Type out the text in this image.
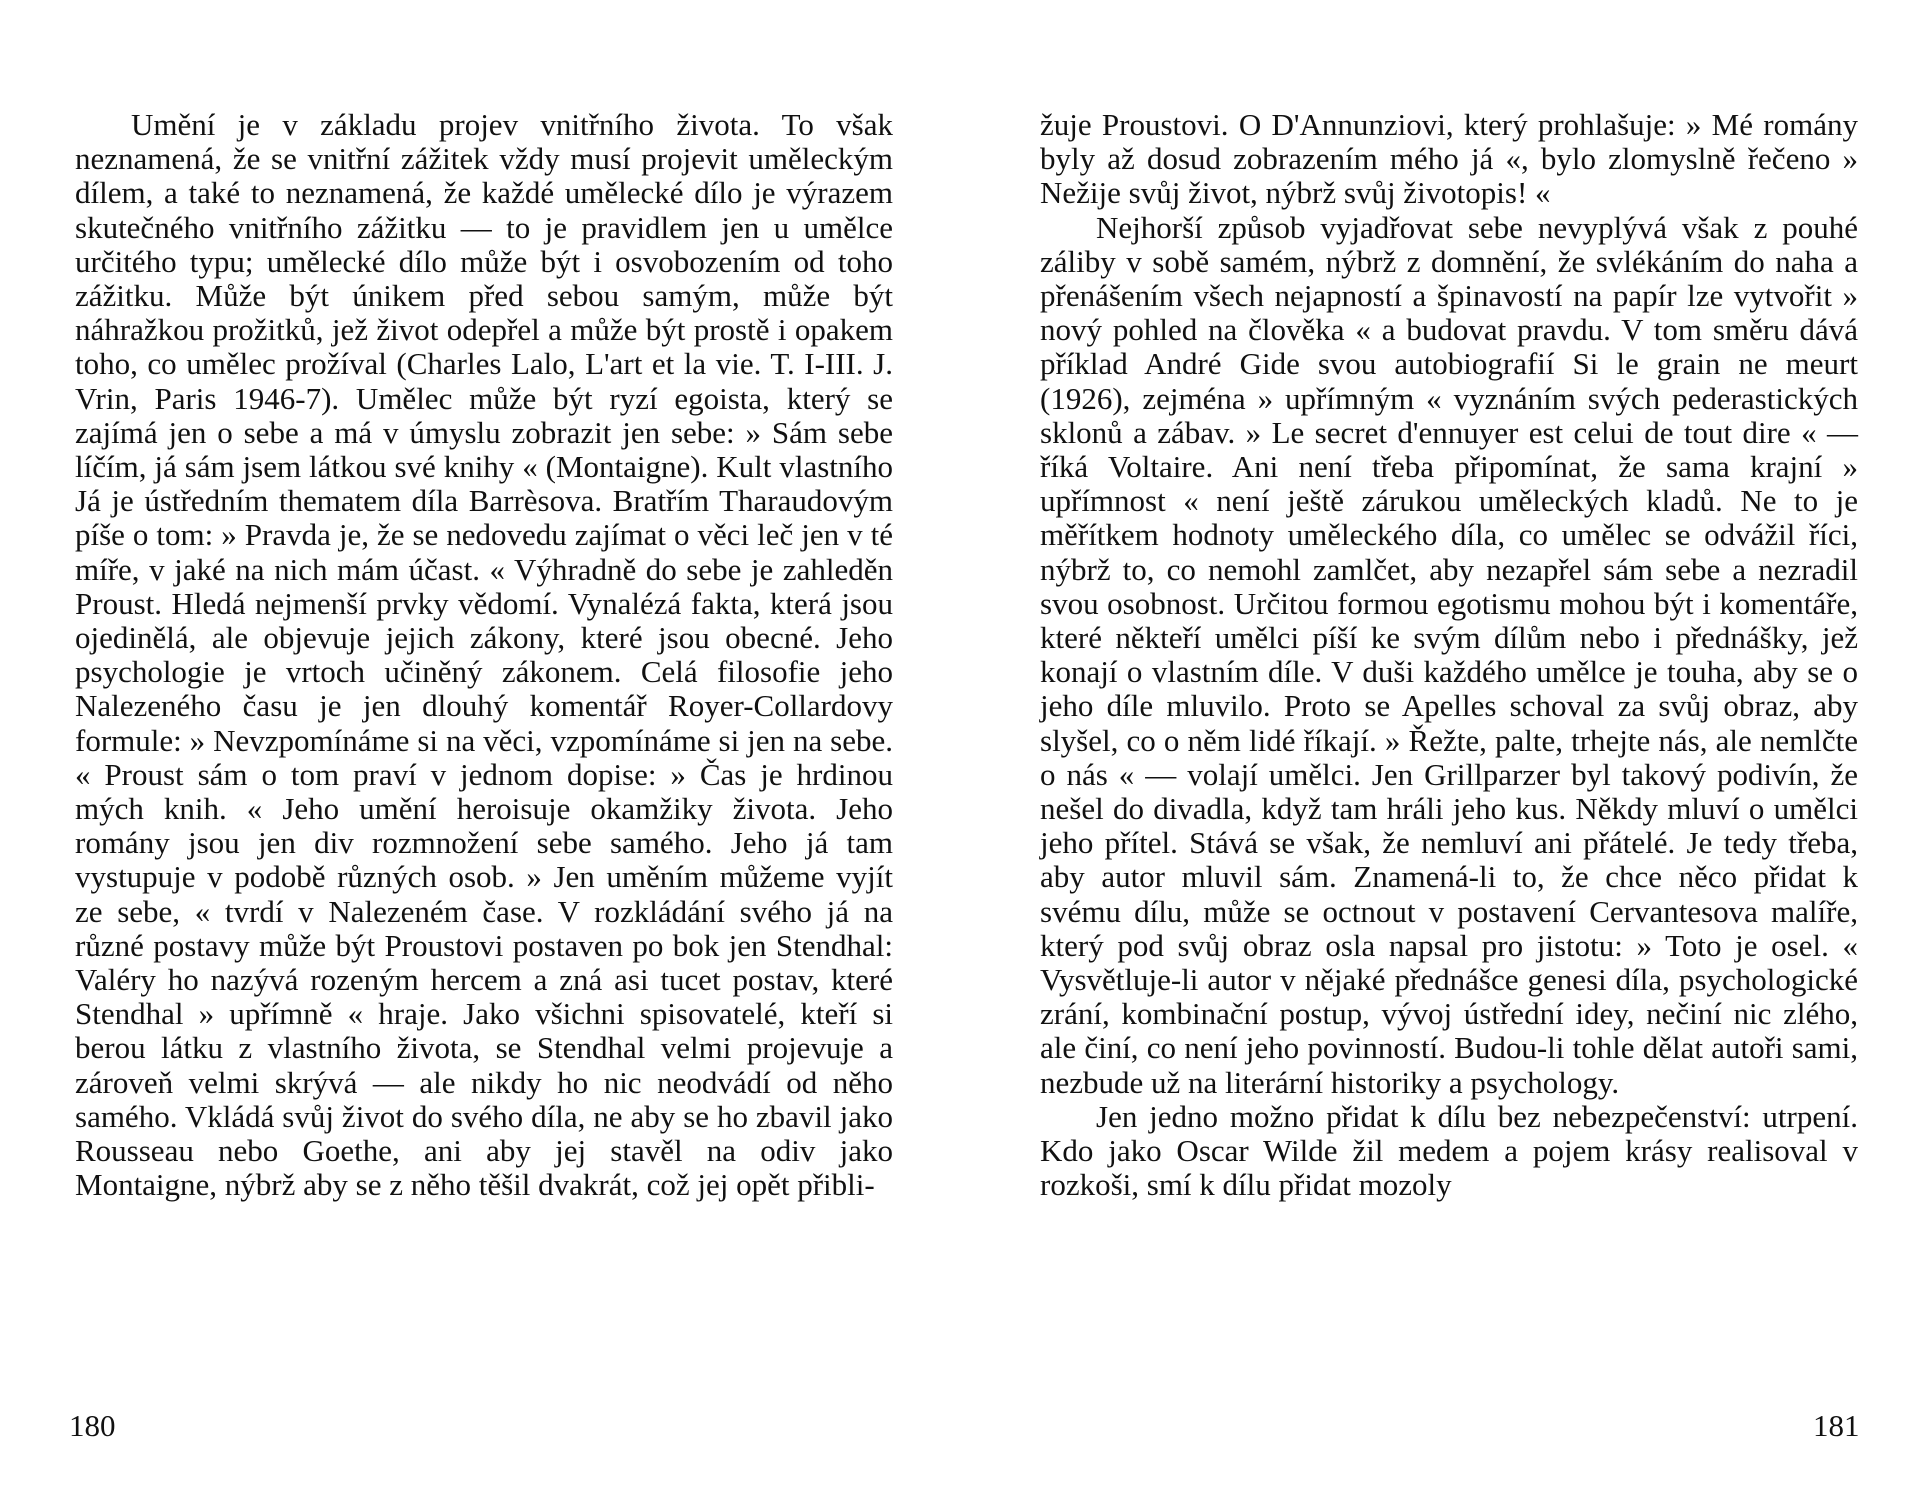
Umění je v základu projev vnitřního života. To však neznamená, že se vnitřní zážitek vždy musí projevit uměleckým dílem, a také to neznamená, že každé umělecké dílo je výrazem skutečného vnitřního zážitku — to je pravidlem jen u umělce určitého typu; umělecké dílo může být i osvobozením od toho zážitku. Může být únikem před sebou samým, může být náhražkou prožitků, jež život odepřel a může být prostě i opakem toho, co umělec prožíval (Charles Lalo, L'art et la vie. T. I-III. J. Vrin, Paris 1946-7). Umělec může být ryzí egoista, který se zajímá jen o sebe a má v úmyslu zobrazit jen sebe: » Sám sebe líčím, já sám jsem látkou své knihy « (Montaigne). Kult vlastního Já je ústředním thematem díla Barrèsova. Bratřím Tharaudovým píše o tom: » Pravda je, že se nedovedu zajímat o věci leč jen v té míře, v jaké na nich mám účast. « Výhradně do sebe je zahleděn Proust. Hledá nejmenší prvky vědomí. Vynalézá fakta, která jsou ojedinělá, ale objevuje jejich zákony, které jsou obecné. Jeho psychologie je vrtoch učiněný zákonem. Celá filosofie jeho Nalezeného času je jen dlouhý komentář Royer-Collardovy formule: » Nevzpomínáme si na věci, vzpomínáme si jen na sebe. « Proust sám o tom praví v jednom dopise: » Čas je hrdinou mých knih. « Jeho umění heroisuje okamžiky života. Jeho romány jsou jen div rozmnožení sebe samého. Jeho já tam vystupuje v podobě různých osob. » Jen uměním můžeme vyjít ze sebe, « tvrdí v Nalezeném čase. V rozkládání svého já na různé postavy může být Proustovi postaven po bok jen Stendhal: Valéry ho nazývá rozeným hercem a zná asi tucet postav, které Stendhal » upřímně « hraje. Jako všichni spisovatelé, kteří si berou látku z vlastního života, se Stendhal velmi projevuje a zároveň velmi skrývá — ale nikdy ho nic neodvádí od něho samého. Vkládá svůj život do svého díla, ne aby se ho zbavil jako Rousseau nebo Goethe, ani aby jej stavěl na odiv jako Montaigne, nýbrž aby se z něho těšil dvakrát, což jej opět přibli-

žuje Proustovi. O D'Annunziovi, který prohlašuje: » Mé romány byly až dosud zobrazením mého já «, bylo zlomyslně řečeno » Nežije svůj život, nýbrž svůj životopis! «

Nejhorší způsob vyjadřovat sebe nevyplývá však z pouhé záliby v sobě samém, nýbrž z domnění, že svlékáním do naha a přenášením všech nejapností a špinavostí na papír lze vytvořit » nový pohled na člověka « a budovat pravdu. V tom směru dává příklad André Gide svou autobiografií Si le grain ne meurt (1926), zejména » upřímným « vyznáním svých pederastických sklonů a zábav. » Le secret d'ennuyer est celui de tout dire « — říká Voltaire. Ani není třeba připomínat, že sama krajní » upřímnost « není ještě zárukou uměleckých kladů. Ne to je měřítkem hodnoty uměleckého díla, co umělec se odvážil říci, nýbrž to, co nemohl zamlčet, aby nezapřel sám sebe a nezradil svou osobnost. Určitou formou egotismu mohou být i komentáře, které někteří umělci píší ke svým dílům nebo i přednášky, jež konají o vlastním díle. V duši každého umělce je touha, aby se o jeho díle mluvilo. Proto se Apelles schoval za svůj obraz, aby slyšel, co o něm lidé říkají. » Řežte, palte, trhejte nás, ale nemlčte o nás « — volají umělci. Jen Grillparzer byl takový podivín, že nešel do divadla, když tam hráli jeho kus. Někdy mluví o umělci jeho přítel. Stává se však, že nemluví ani přátelé. Je tedy třeba, aby autor mluvil sám. Znamená-li to, že chce něco přidat k svému dílu, může se octnout v postavení Cervantesova malíře, který pod svůj obraz osla napsal pro jistotu: » Toto je osel. « Vysvětluje-li autor v nějaké přednášce genesi díla, psychologické zrání, kombinační postup, vývoj ústřední idey, nečiní nic zlého, ale činí, co není jeho povinností. Budou-li tohle dělat autoři sami, nezbude už na literární historiky a psychology.

Jen jedno možno přidat k dílu bez nebezpečenství: utrpení. Kdo jako Oscar Wilde žil medem a pojem krásy realisoval v rozkoši, smí k dílu přidat mozoly

180	181
